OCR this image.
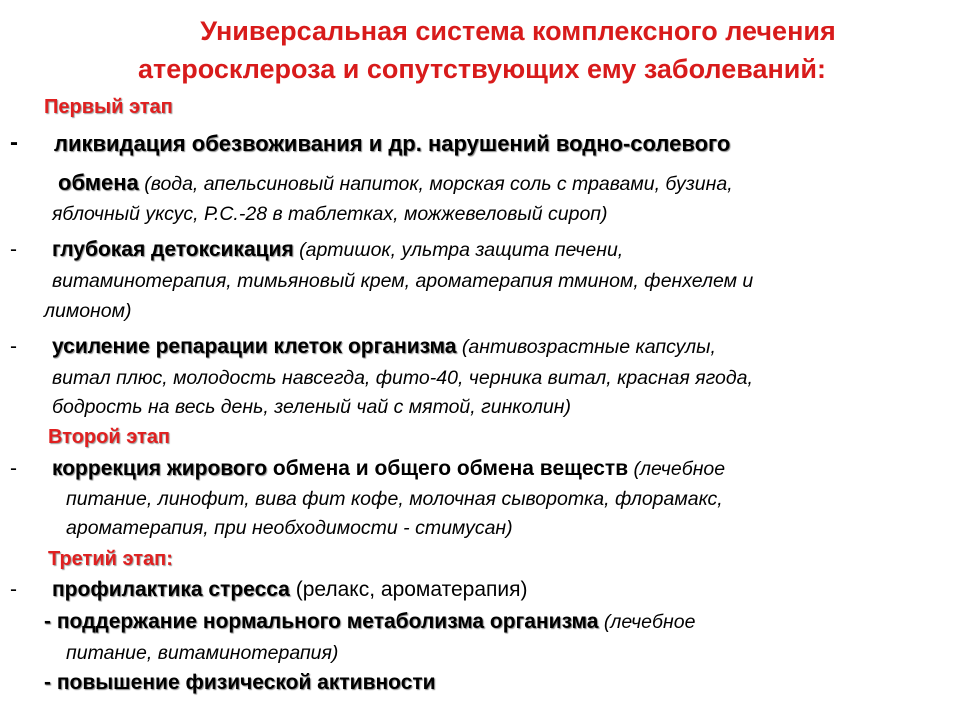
Универсальная система комплексного лечения
атеросклероза и сопутствующих ему заболеваний:
Первый этап
- ликвидация обезвоживания и др. нарушений водно-солевого
обмена (вода, апельсиновый напиток, морская соль с травами, бузина,
яблочный уксус, Р.С.-28 в таблетках, можжевеловый сироп)
- глубокая детоксикация (артишок, ультра защита печени,
витаминотерапия, тимьяновый крем, ароматерапия тмином, фенхелем и
лимоном)
- усиление репарации клеток организма (антивозрастные капсулы,
витал плюс, молодость навсегда, фито-40, черника витал, красная ягода,
бодрость на весь день, зеленый чай с мятой, гинколин)
Второй этап
- коррекция жирового обмена и общего обмена веществ (лечебное
питание, линофит, вива фит кофе, молочная сыворотка, флорамакс,
ароматерапия, при необходимости - стимусан)
Третий этап:
- профилактика стресса (релакс, ароматерапия)
- поддержание нормального метаболизма организма (лечебное
питание, витаминотерапия)
- повышение физической активности
